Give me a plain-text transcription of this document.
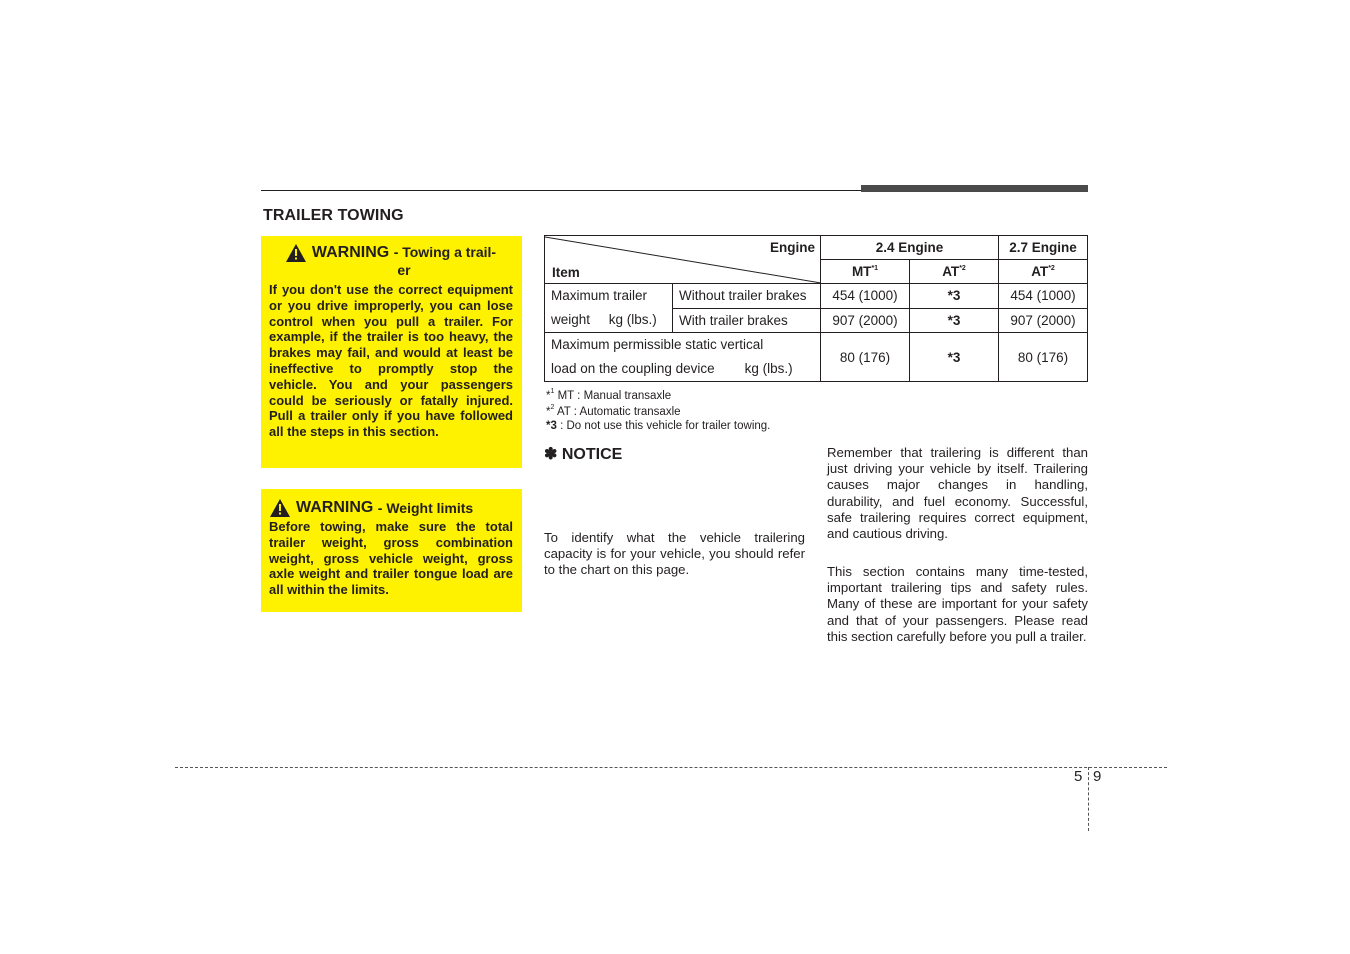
TRAILER TOWING
WARNING - Towing a trail-
er
If you don't use the correct equipment or you drive improperly, you can lose control when you pull a trailer. For example, if the trailer is too heavy, the brakes may fail, and would at least be ineffective to promptly stop the vehicle. You and your passengers could be seriously or fatally injured. Pull a trailer only if you have followed all the steps in this section.
WARNING
- Weight limits
Before towing, make sure the total trailer weight, gross combination weight, gross vehicle weight, gross axle weight and trailer tongue load are all within the limits.
Engine
Item		2.4 Engine		2.7 Engine
		MT$^{*1}$	AT$^{*2}$	AT$^{*2}$
Maximum trailer
weight     kg (lbs.)	Without trailer brakes	454 (1000)	*3	454 (1000)
	With trailer brakes	907 (2000)	*3	907 (2000)
Maximum permissible static vertical
load on the coupling device        kg (lbs.)		80 (176)	*3	80 (176)
*$^1$ MT : Manual transaxle
*$^2$ AT : Automatic transaxle
*3 : Do not use this vehicle for trailer towing.
✽ NOTICE
To identify what the vehicle trailering capacity is for your vehicle, you should refer to the chart on this page.
Remember that trailering is different than just driving your vehicle by itself. Trailering causes major changes in handling, durability, and fuel economy. Successful, safe trailering requires correct equipment, and cautious driving.
This section contains many time-tested, important trailering tips and safety rules. Many of these are important for your safety and that of your passengers. Please read this section carefully before you pull a trailer.
5 9
